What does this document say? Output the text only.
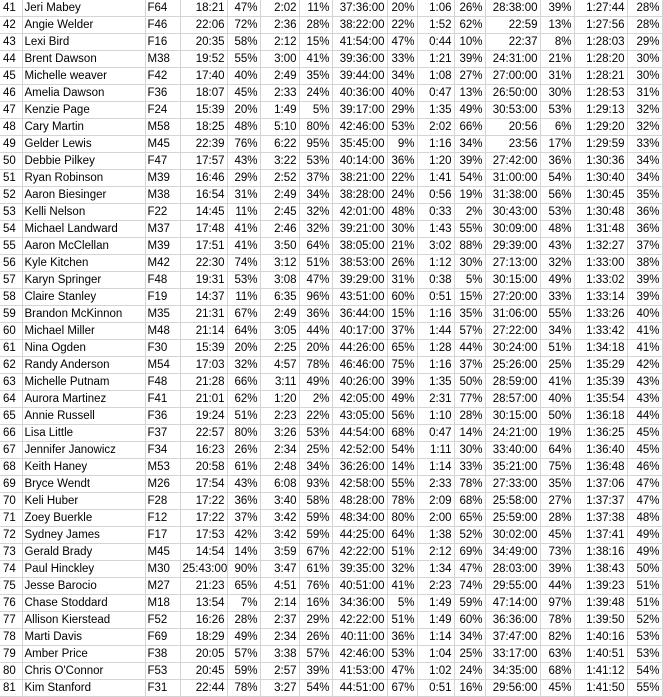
41	Jeri Mabey	F64	18:21	47%	2:02	11%	37:36:00	20%	1:06	26%	28:38:00	39%	1:27:44	28%
42	Angie Welder	F46	22:06	72%	2:36	28%	38:22:00	22%	1:52	62%	22:59	13%	1:27:56	28%
43	Lexi Bird	F16	20:35	58%	2:12	15%	41:54:00	47%	0:44	10%	22:37	8%	1:28:03	29%
44	Brent Dawson	M38	19:52	55%	3:00	41%	39:36:00	33%	1:21	39%	24:31:00	21%	1:28:20	30%
45	Michelle weaver	F42	17:40	40%	2:49	35%	39:44:00	34%	1:08	27%	27:00:00	31%	1:28:21	30%
46	Amelia Dawson	F36	18:07	45%	2:33	24%	40:36:00	40%	0:47	13%	26:50:00	30%	1:28:53	31%
47	Kenzie Page	F24	15:39	20%	1:49	5%	39:17:00	29%	1:35	49%	30:53:00	53%	1:29:13	32%
48	Cary Martin	M58	18:25	48%	5:10	80%	42:46:00	53%	2:02	66%	20:56	6%	1:29:20	32%
49	Gelder Lewis	M45	22:39	76%	6:22	95%	35:45:00	9%	1:16	34%	23:56	17%	1:29:59	33%
50	Debbie Pilkey	F47	17:57	43%	3:22	53%	40:14:00	36%	1:20	39%	27:42:00	36%	1:30:36	34%
51	Ryan Robinson	M39	16:46	29%	2:52	37%	38:21:00	22%	1:41	54%	31:00:00	54%	1:30:40	34%
52	Aaron Biesinger	M38	16:54	31%	2:49	34%	38:28:00	24%	0:56	19%	31:38:00	56%	1:30:45	35%
53	Kelli Nelson	F22	14:45	11%	2:45	32%	42:01:00	48%	0:33	2%	30:43:00	53%	1:30:48	36%
54	Michael Landward	M37	17:48	41%	2:46	32%	39:21:00	30%	1:43	55%	30:09:00	48%	1:31:48	36%
55	Aaron McClellan	M39	17:51	41%	3:50	64%	38:05:00	21%	3:02	88%	29:39:00	43%	1:32:27	37%
56	Kyle Kitchen	M42	22:30	74%	3:12	51%	38:53:00	26%	1:12	30%	27:13:00	32%	1:33:00	38%
57	Karyn Springer	F48	19:31	53%	3:08	47%	39:29:00	31%	0:38	5%	30:15:00	49%	1:33:02	39%
58	Claire Stanley	F19	14:37	11%	6:35	96%	43:51:00	60%	0:51	15%	27:20:00	33%	1:33:14	39%
59	Brandon McKinnon	M35	21:31	67%	2:49	36%	36:44:00	15%	1:16	35%	31:06:00	55%	1:33:26	40%
60	Michael Miller	M48	21:14	64%	3:05	44%	40:17:00	37%	1:44	57%	27:22:00	34%	1:33:42	41%
61	Nina Ogden	F30	15:39	20%	2:25	20%	44:26:00	65%	1:28	44%	30:24:00	51%	1:34:18	41%
62	Randy Anderson	M54	17:03	32%	4:57	78%	46:46:00	75%	1:16	37%	25:26:00	25%	1:35:29	42%
63	Michelle Putnam	F48	21:28	66%	3:11	49%	40:26:00	39%	1:35	50%	28:59:00	41%	1:35:39	43%
64	Aurora Martinez	F41	21:01	62%	1:20	2%	42:05:00	49%	2:31	77%	28:57:00	40%	1:35:54	43%
65	Annie Russell	F36	19:24	51%	2:23	22%	43:05:00	56%	1:10	28%	30:15:00	50%	1:36:18	44%
66	Lisa Little	F37	22:57	80%	3:26	53%	44:54:00	68%	0:47	14%	24:21:00	19%	1:36:25	45%
67	Jennifer Janowicz	F34	16:23	26%	2:34	25%	42:52:00	54%	1:11	30%	33:40:00	64%	1:36:40	45%
68	Keith Haney	M53	20:58	61%	2:48	34%	36:26:00	14%	1:14	33%	35:21:00	75%	1:36:48	46%
69	Bryce Wendt	M26	17:54	43%	6:08	93%	42:58:00	55%	2:33	78%	27:33:00	35%	1:37:06	47%
70	Keli Huber	F28	17:22	36%	3:40	58%	48:28:00	78%	2:09	68%	25:58:00	27%	1:37:37	47%
71	Zoey Buerkle	F12	17:22	37%	3:42	59%	48:34:00	80%	2:00	65%	25:59:00	28%	1:37:38	48%
72	Sydney James	F17	17:53	42%	3:42	59%	44:25:00	64%	1:38	52%	30:02:00	45%	1:37:41	49%
73	Gerald Brady	M45	14:54	14%	3:59	67%	42:22:00	51%	2:12	69%	34:49:00	73%	1:38:16	49%
74	Paul Hinckley	M30	25:43:00	90%	3:47	61%	39:35:00	32%	1:34	47%	28:03:00	39%	1:38:43	50%
75	Jesse Barocio	M27	21:23	65%	4:51	76%	40:51:00	41%	2:23	74%	29:55:00	44%	1:39:23	51%
76	Chase Stoddard	M18	13:54	7%	2:14	16%	34:36:00	5%	1:49	59%	47:14:00	97%	1:39:48	51%
77	Allison Kierstead	F52	16:26	28%	2:37	29%	42:22:00	51%	1:49	60%	36:36:00	78%	1:39:50	52%
78	Marti Davis	F69	18:29	49%	2:34	26%	40:11:00	36%	1:14	34%	37:47:00	82%	1:40:16	53%
79	Amber Price	F38	20:05	57%	3:38	57%	42:46:00	53%	1:04	25%	33:17:00	63%	1:40:51	53%
80	Chris O'Connor	F53	20:45	59%	2:57	39%	41:53:00	47%	1:02	24%	34:35:00	68%	1:41:12	54%
81	Kim Stanford	F31	22:44	78%	3:27	54%	44:51:00	67%	0:51	16%	29:56:00	45%	1:41:50	55%
